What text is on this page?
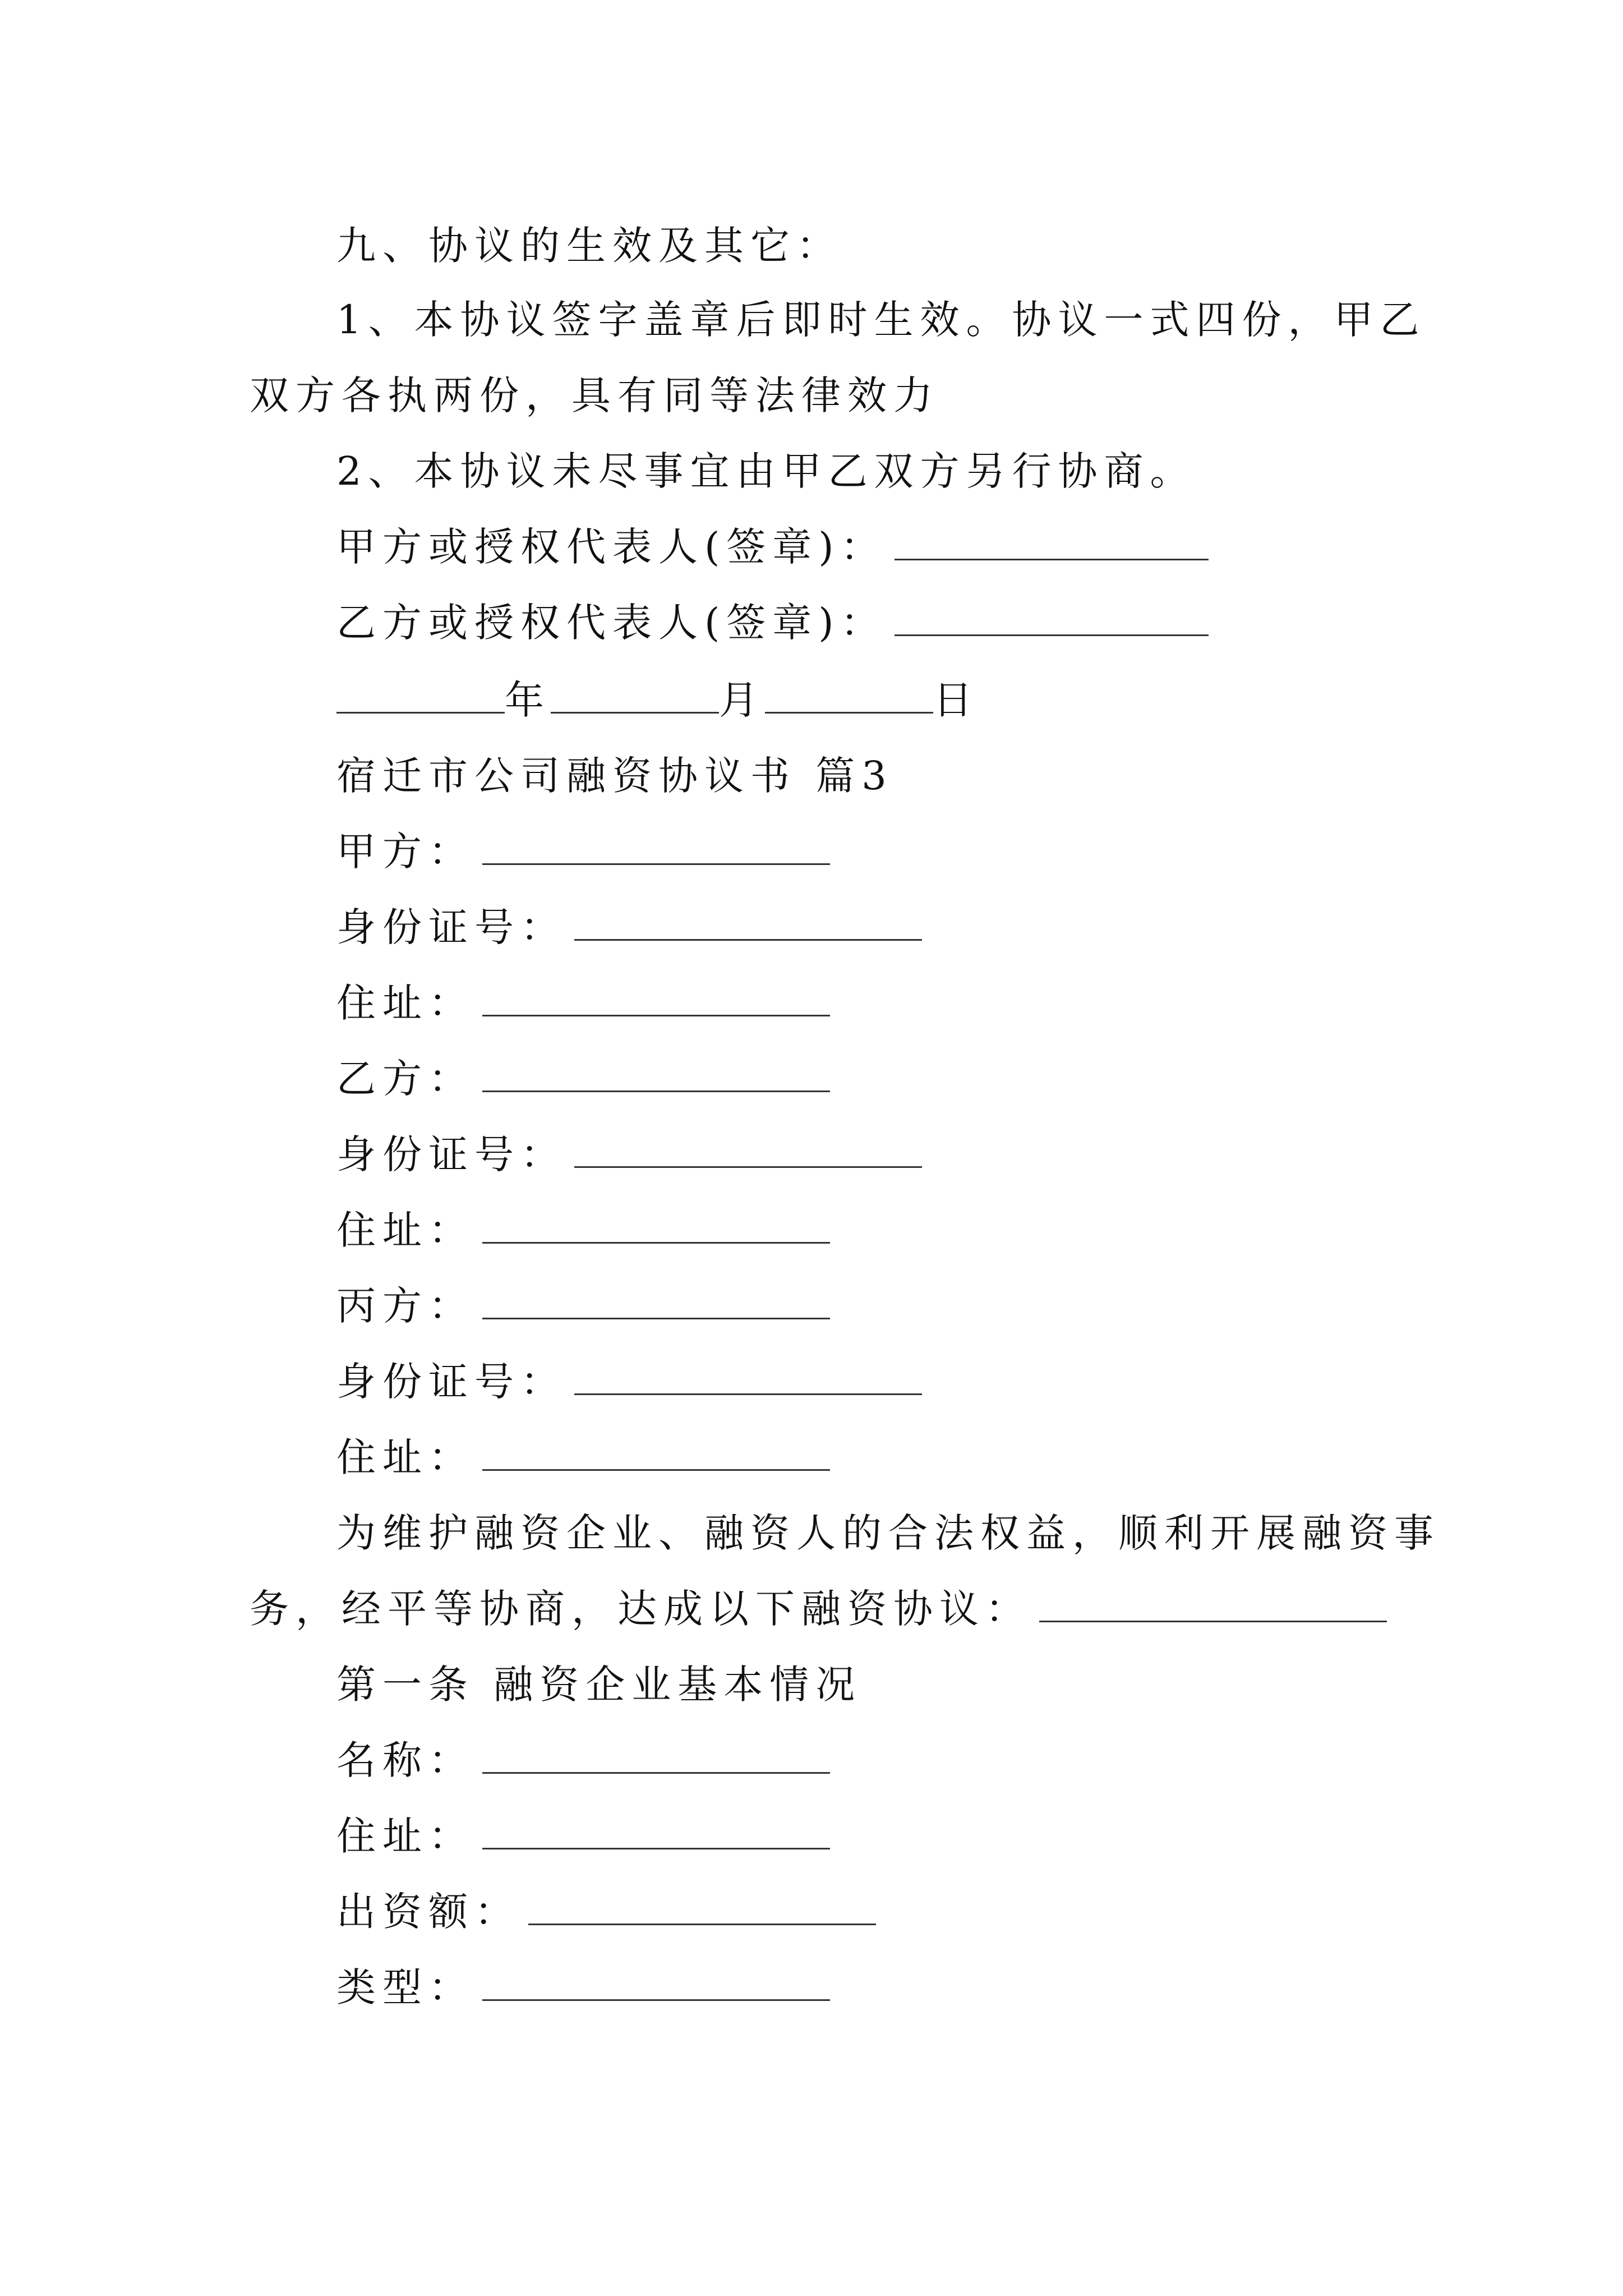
九、协议的生效及其它：
1、本协议签字盖章后即时生效。协议一式四份，甲乙
双方各执两份，具有同等法律效力
2、本协议未尽事宜由甲乙双方另行协商。
甲方或授权代表人(签章)：
乙方或授权代表人(签章)：
年	月	日
宿迁市公司融资协议书 篇3
甲方：
身份证号：
住址：
乙方：
身份证号：
住址：
丙方：
身份证号：
住址：
为维护融资企业、融资人的合法权益，顺利开展融资事
务，经平等协商，达成以下融资协议：
第一条 融资企业基本情况
名称：
住址：
出资额：
类型：
